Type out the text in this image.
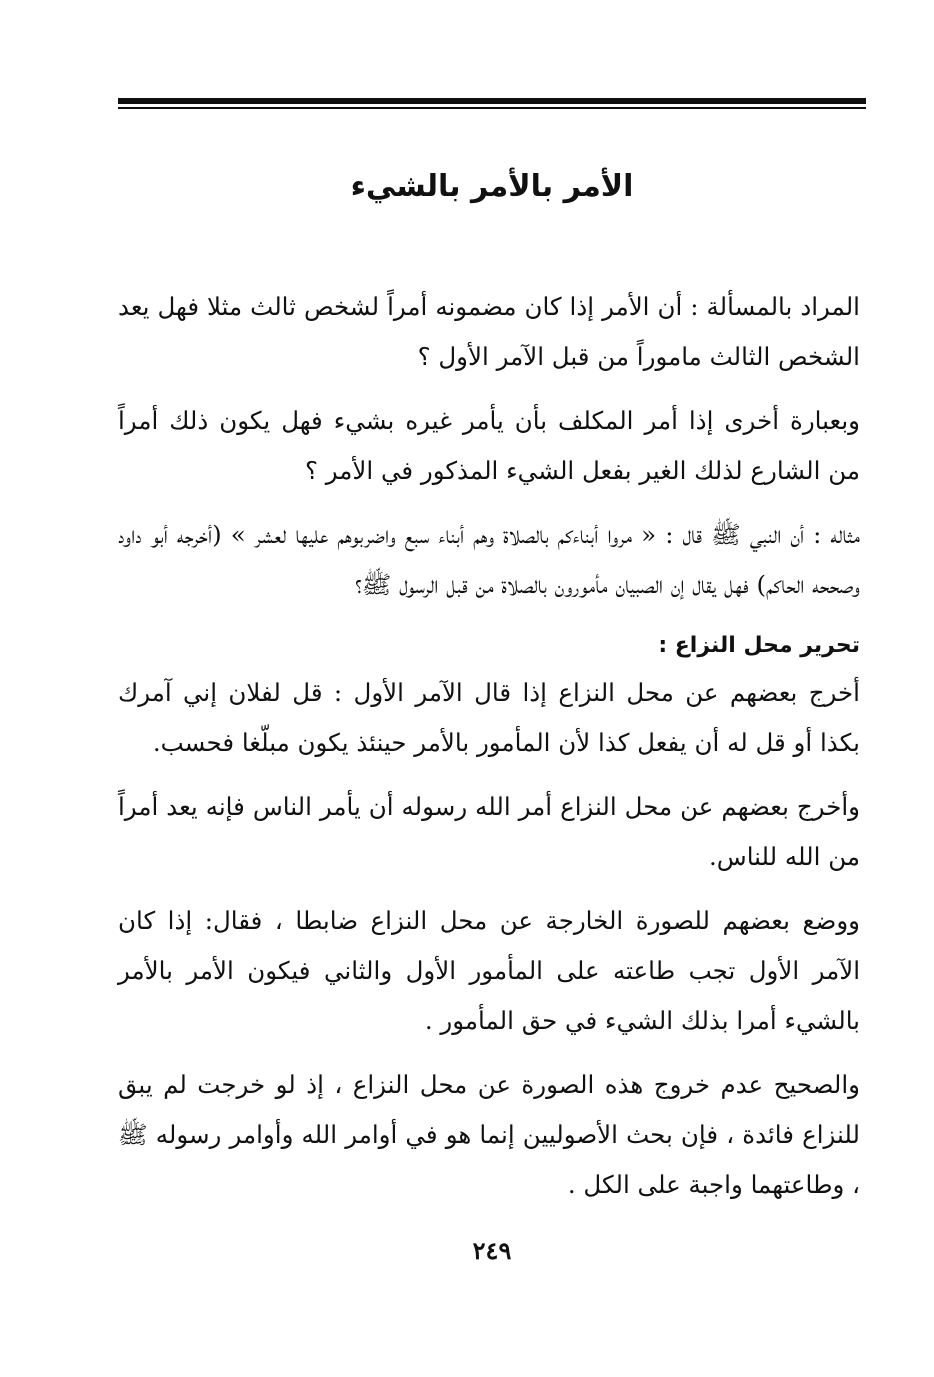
الأمر بالأمر بالشيء

المراد بالمسألة : أن الأمر إذا كان مضمونه أمراً لشخص ثالث مثلا فهل يعد الشخص الثالث ماموراً من قبل الآمر الأول ؟

وبعبارة أخرى إذا أمر المكلف بأن يأمر غيره بشيء فهل يكون ذلك أمراً من الشارع لذلك الغير بفعل الشيء المذكور في الأمر ؟

مثاله : أن النبي ﷺ قال : « مروا أبناءكم بالصلاة وهم أبناء سبع واضربوهم عليها لعشر » (أخرجه أبو داود وصححه الحاكم) فهل يقال إن الصبيان مأمورون بالصلاة من قبل الرسول ﷺ؟

تحرير محل النزاع :

أخرج بعضهم عن محل النزاع إذا قال الآمر الأول : قل لفلان إني آمرك بكذا أو قل له أن يفعل كذا لأن المأمور بالأمر حينئذ يكون مبلّغا فحسب.

وأخرج بعضهم عن محل النزاع أمر الله رسوله أن يأمر الناس فإنه يعد أمراً من الله للناس.

ووضع بعضهم للصورة الخارجة عن محل النزاع ضابطا ، فقال: إذا كان الآمر الأول تجب طاعته على المأمور الأول والثاني فيكون الأمر بالأمر بالشيء أمرا بذلك الشيء في حق المأمور .

والصحيح عدم خروج هذه الصورة عن محل النزاع ، إذ لو خرجت لم يبق للنزاع فائدة ، فإن بحث الأصوليين إنما هو في أوامر الله وأوامر رسوله ﷺ ، وطاعتهما واجبة على الكل .

٢٤٩
